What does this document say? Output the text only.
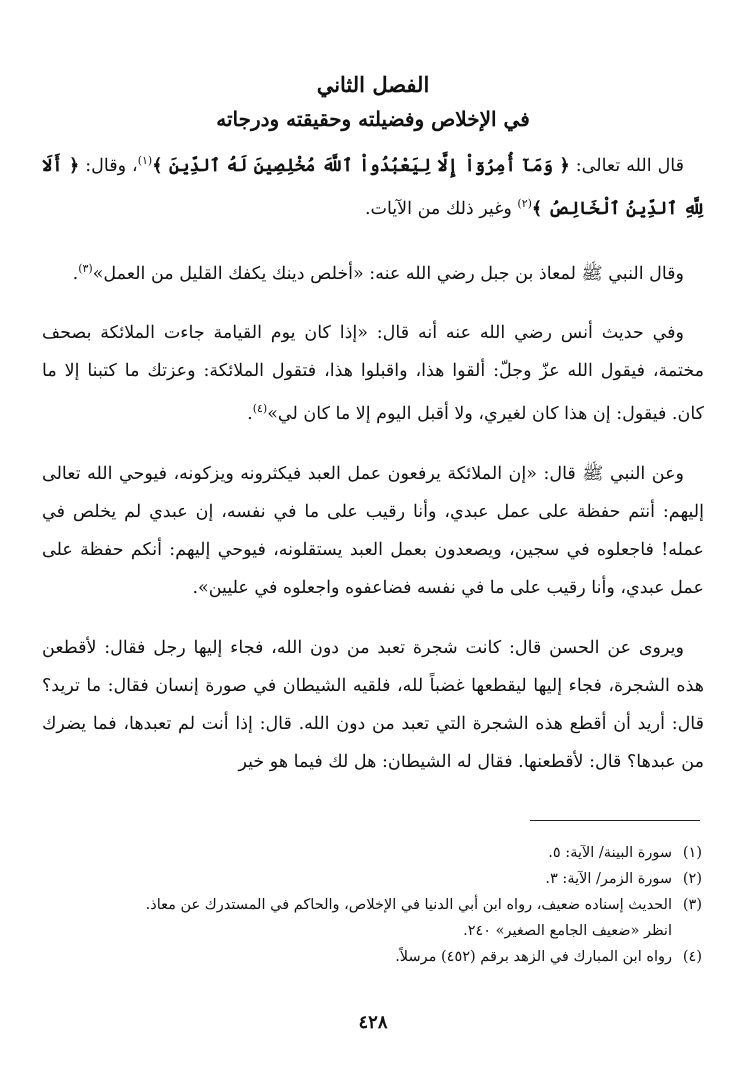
الفصل الثاني
في الإخلاص وفضيلته وحقيقته ودرجاته

قال الله تعالى: ﴿ وَمَآ أُمِرُوٓاْ إِلَّا لِيَعْبُدُواْ ٱللَّهَ مُخْلِصِينَ لَهُ ٱلدِّينَ ﴾$^{(١)}$، وقال: ﴿ أَلَا لِلَّهِ ٱلدِّينُ ٱلْخَالِصُ ﴾$^{(٢)}$ وغير ذلك من الآيات.

وقال النبي ﷺ لمعاذ بن جبل رضي الله عنه: «أخلص دينك يكفك القليل من العمل»$^{(٣)}$.

وفي حديث أنس رضي الله عنه أنه قال: «إذا كان يوم القيامة جاءت الملائكة بصحف مختمة، فيقول الله عزّ وجلّ: ألقوا هذا، واقبلوا هذا، فتقول الملائكة: وعزتك ما كتبنا إلا ما كان. فيقول: إن هذا كان لغيري، ولا أقبل اليوم إلا ما كان لي»$^{(٤)}$.

وعن النبي ﷺ قال: «إن الملائكة يرفعون عمل العبد فيكثرونه ويزكونه، فيوحي الله تعالى إليهم: أنتم حفظة على عمل عبدي، وأنا رقيب على ما في نفسه، إن عبدي لم يخلص في عمله! فاجعلوه في سجين، ويصعدون بعمل العبد يستقلونه، فيوحي إليهم: أنكم حفظة على عمل عبدي، وأنا رقيب على ما في نفسه فضاعفوه واجعلوه في عليين».

ويروى عن الحسن قال: كانت شجرة تعبد من دون الله، فجاء إليها رجل فقال: لأقطعن هذه الشجرة، فجاء إليها ليقطعها غضباً لله، فلقيه الشيطان في صورة إنسان فقال: ما تريد؟ قال: أريد أن أقطع هذه الشجرة التي تعبد من دون الله. قال: إذا أنت لم تعبدها، فما يضرك من عبدها؟ قال: لأقطعنها. فقال له الشيطان: هل لك فيما هو خير

(١)سورة البينة/ الآية: ٥.

(٢)سورة الزمر/ الآية: ٣.

(٣)الحديث إسناده ضعيف، رواه ابن أبي الدنيا في الإخلاص، والحاكم في المستدرك عن معاذ.

انظر «ضعيف الجامع الصغير» ٢٤٠.

(٤)رواه ابن المبارك في الزهد برقم (٤٥٢) مرسلاً.

٤٢٨
